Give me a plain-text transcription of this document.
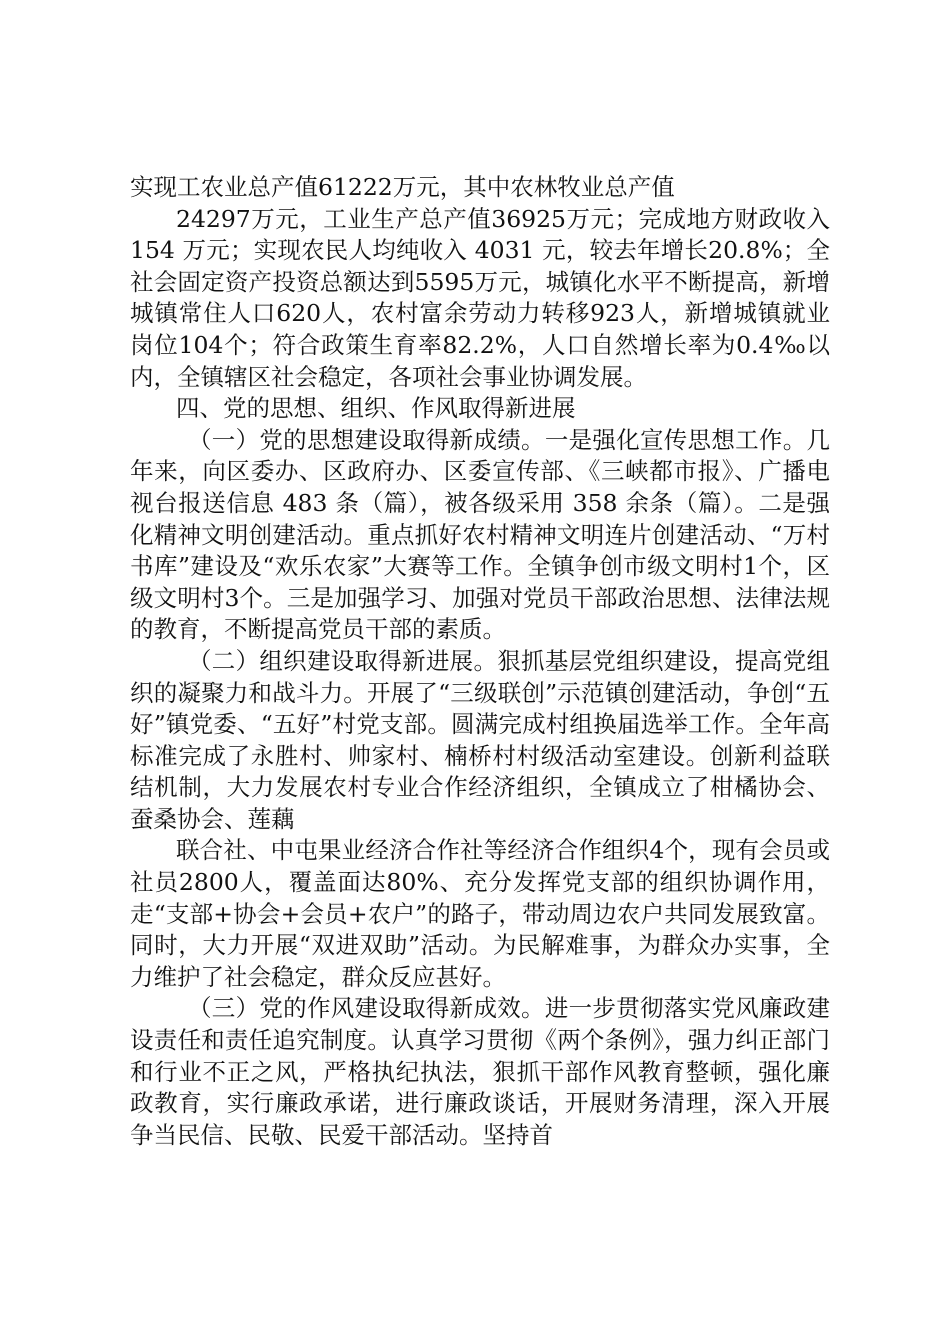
实现工农业总产值61222万元，其中农林牧业总产值

24297万元，工业生产总产值36925万元；完成地方财政收入 154 万元；实现农民人均纯收入 4031 元，较去年增长20.8%；全社会固定资产投资总额达到5595万元，城镇化水平不断提高，新增城镇常住人口620人，农村富余劳动力转移923人，新增城镇就业岗位104个；符合政策生育率82.2%，人口自然增长率为0.4‰以内，全镇辖区社会稳定，各项社会事业协调发展。

四、党的思想、组织、作风取得新进展

（一）党的思想建设取得新成绩。一是强化宣传思想工作。几年来，向区委办、区政府办、区委宣传部、《三峡都市报》、广播电视台报送信息 483 条（篇），被各级采用 358 余条（篇）。二是强化精神文明创建活动。重点抓好农村精神文明连片创建活动、“万村书库”建设及“欢乐农家”大赛等工作。全镇争创市级文明村1个，区级文明村3个。三是加强学习、加强对党员干部政治思想、法律法规的教育，不断提高党员干部的素质。

（二）组织建设取得新进展。狠抓基层党组织建设，提高党组织的凝聚力和战斗力。开展了“三级联创”示范镇创建活动，争创“五好”镇党委、“五好”村党支部。圆满完成村组换届选举工作。全年高标准完成了永胜村、帅家村、楠桥村村级活动室建设。创新利益联结机制，大力发展农村专业合作经济组织，全镇成立了柑橘协会、蚕桑协会、莲藕

联合社、中屯果业经济合作社等经济合作组织4个，现有会员或社员2800人，覆盖面达80%、充分发挥党支部的组织协调作用，走“支部+协会+会员+农户”的路子，带动周边农户共同发展致富。同时，大力开展“双进双助”活动。为民解难事，为群众办实事，全力维护了社会稳定，群众反应甚好。

（三）党的作风建设取得新成效。进一步贯彻落实党风廉政建设责任和责任追究制度。认真学习贯彻《两个条例》，强力纠正部门和行业不正之风，严格执纪执法，狠抓干部作风教育整顿，强化廉政教育，实行廉政承诺，进行廉政谈话，开展财务清理，深入开展争当民信、民敬、民爱干部活动。坚持首
